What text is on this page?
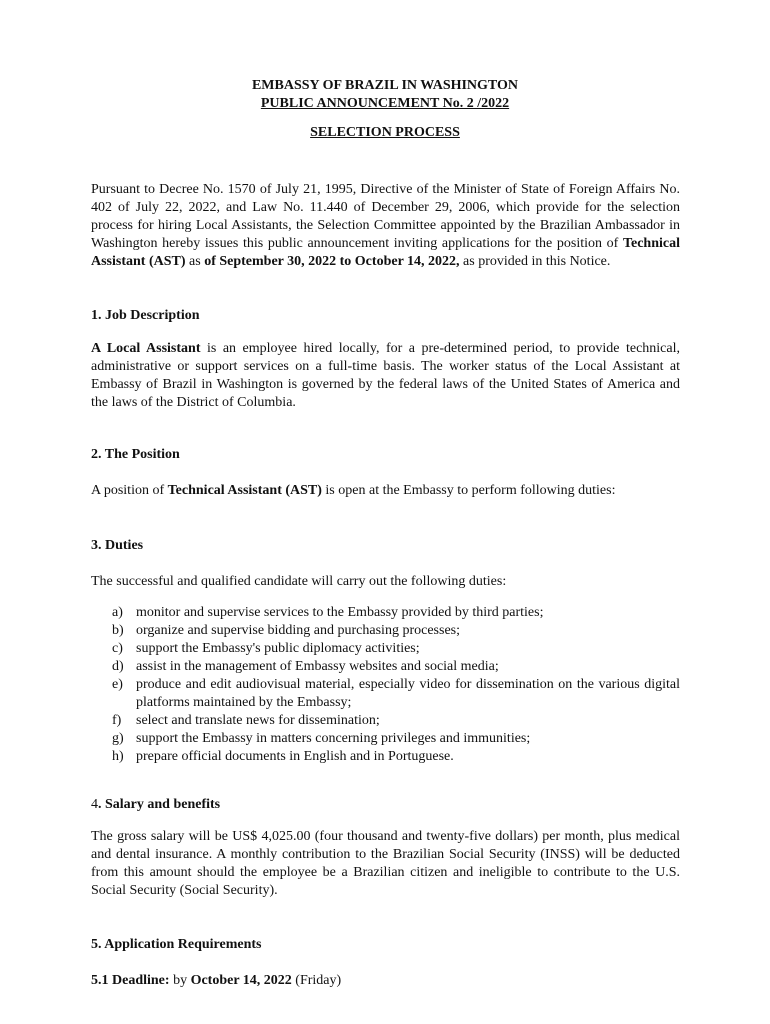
EMBASSY OF BRAZIL IN WASHINGTON
PUBLIC ANNOUNCEMENT No. 2 /2022
SELECTION PROCESS
Pursuant to Decree No. 1570 of July 21, 1995, Directive of the Minister of State of Foreign Affairs No. 402 of July 22, 2022, and Law No. 11.440 of December 29, 2006, which provide for the selection process for hiring Local Assistants, the Selection Committee appointed by the Brazilian Ambassador in Washington hereby issues this public announcement inviting applications for the position of Technical Assistant (AST) as of September 30, 2022 to October 14, 2022, as provided in this Notice.
1. Job Description
A Local Assistant is an employee hired locally, for a pre-determined period, to provide technical, administrative or support services on a full-time basis. The worker status of the Local Assistant at Embassy of Brazil in Washington is governed by the federal laws of the United States of America and the laws of the District of Columbia.
2. The Position
A position of Technical Assistant (AST) is open at the Embassy to perform following duties:
3. Duties
The successful and qualified candidate will carry out the following duties:
a) monitor and supervise services to the Embassy provided by third parties;
b) organize and supervise bidding and purchasing processes;
c) support the Embassy's public diplomacy activities;
d) assist in the management of Embassy websites and social media;
e) produce and edit audiovisual material, especially video for dissemination on the various digital platforms maintained by the Embassy;
f) select and translate news for dissemination;
g) support the Embassy in matters concerning privileges and immunities;
h) prepare official documents in English and in Portuguese.
4. Salary and benefits
The gross salary will be US$ 4,025.00 (four thousand and twenty-five dollars) per month, plus medical and dental insurance. A monthly contribution to the Brazilian Social Security (INSS) will be deducted from this amount should the employee be a Brazilian citizen and ineligible to contribute to the U.S. Social Security (Social Security).
5. Application Requirements
5.1 Deadline: by October 14, 2022 (Friday)
